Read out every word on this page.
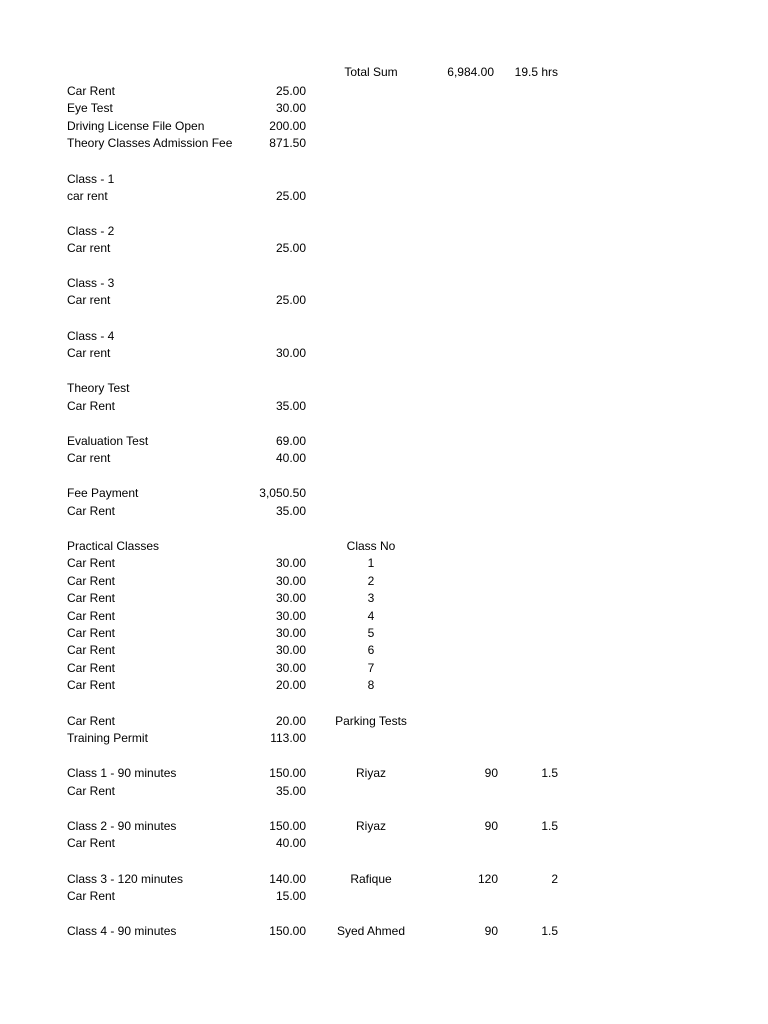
Total Sum	6,984.00	19.5 hrs
Car Rent	25.00
Eye Test	30.00
Driving License File Open	200.00
Theory Classes Admission Fee	871.50
Class - 1
car rent	25.00
Class - 2
Car rent	25.00
Class - 3
Car rent	25.00
Class - 4
Car rent	30.00
Theory Test
Car Rent	35.00
Evaluation Test	69.00
Car rent	40.00
Fee Payment	3,050.50
Car Rent	35.00
Practical Classes	Class No
Car Rent	30.00	1
Car Rent	30.00	2
Car Rent	30.00	3
Car Rent	30.00	4
Car Rent	30.00	5
Car Rent	30.00	6
Car Rent	30.00	7
Car Rent	20.00	8
Car Rent	20.00	Parking Tests
Training Permit	113.00
Class 1 - 90 minutes	150.00	Riyaz	90	1.5
Car Rent	35.00
Class 2 - 90 minutes	150.00	Riyaz	90	1.5
Car Rent	40.00
Class 3 - 120 minutes	140.00	Rafique	120	2
Car Rent	15.00
Class 4 - 90 minutes	150.00	Syed Ahmed	90	1.5
